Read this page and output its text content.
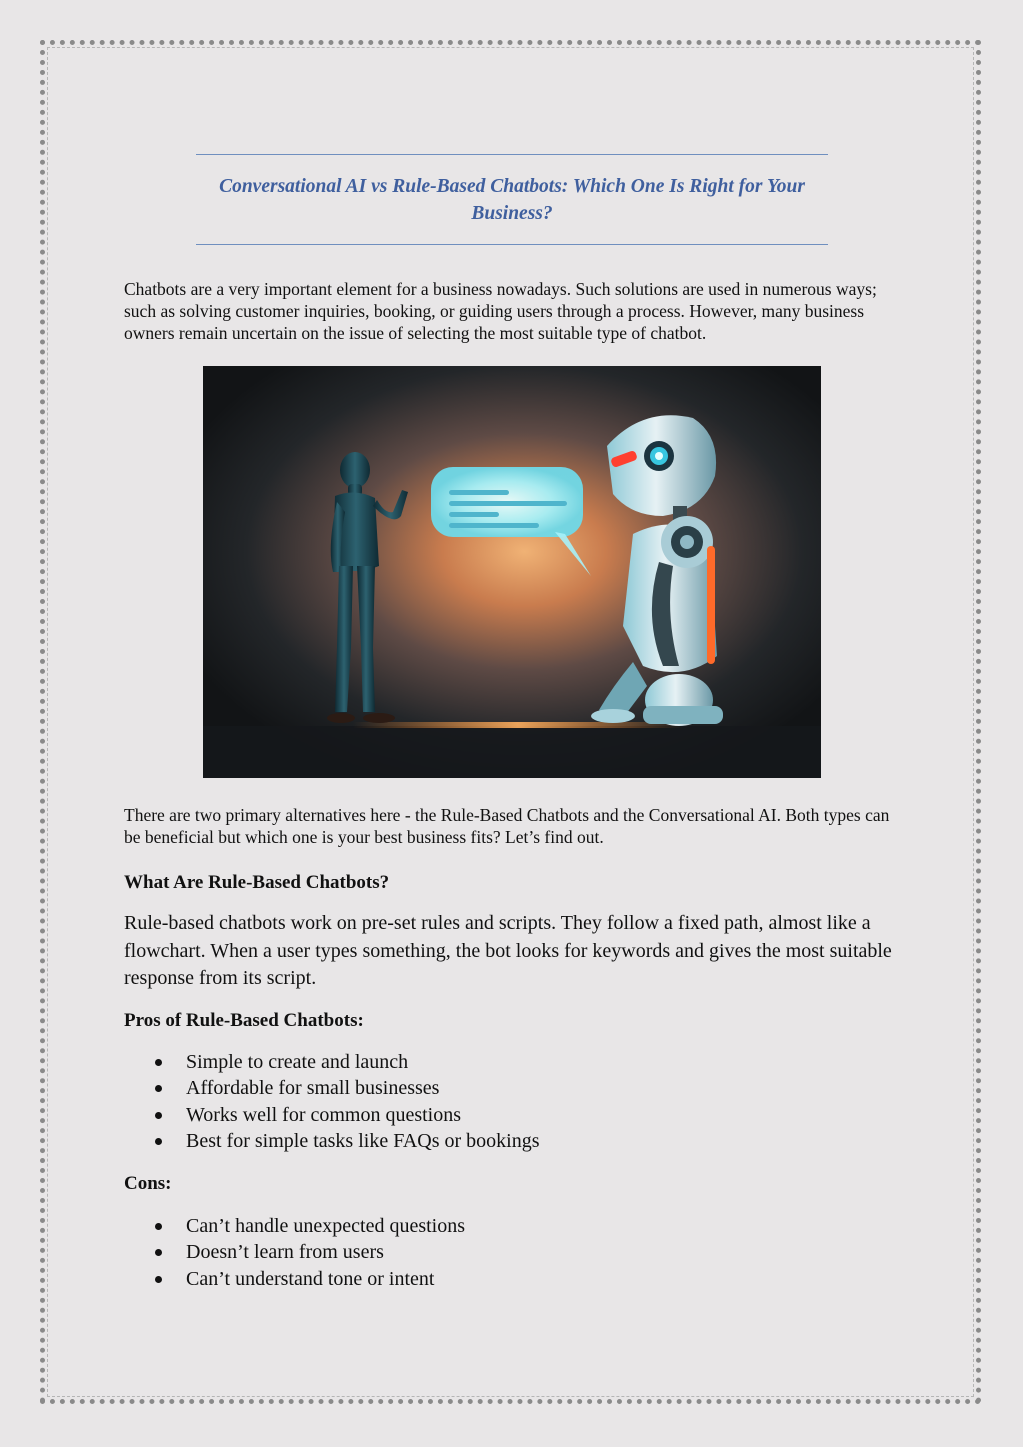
Conversational AI vs Rule-Based Chatbots: Which One Is Right for Your Business?

Chatbots are a very important element for a business nowadays. Such solutions are used in numerous ways; such as solving customer inquiries, booking, or guiding users through a process. However, many business owners remain uncertain on the issue of selecting the most suitable type of chatbot.

There are two primary alternatives here - the Rule-Based Chatbots and the Conversational AI. Both types can be beneficial but which one is your best business fits? Let’s find out.

What Are Rule-Based Chatbots?

Rule-based chatbots work on pre-set rules and scripts. They follow a fixed path, almost like a flowchart. When a user types something, the bot looks for keywords and gives the most suitable response from its script.

Pros of Rule-Based Chatbots:
Simple to create and launch
Affordable for small businesses
Works well for common questions
Best for simple tasks like FAQs or bookings
Cons:
Can’t handle unexpected questions
Doesn’t learn from users
Can’t understand tone or intent
